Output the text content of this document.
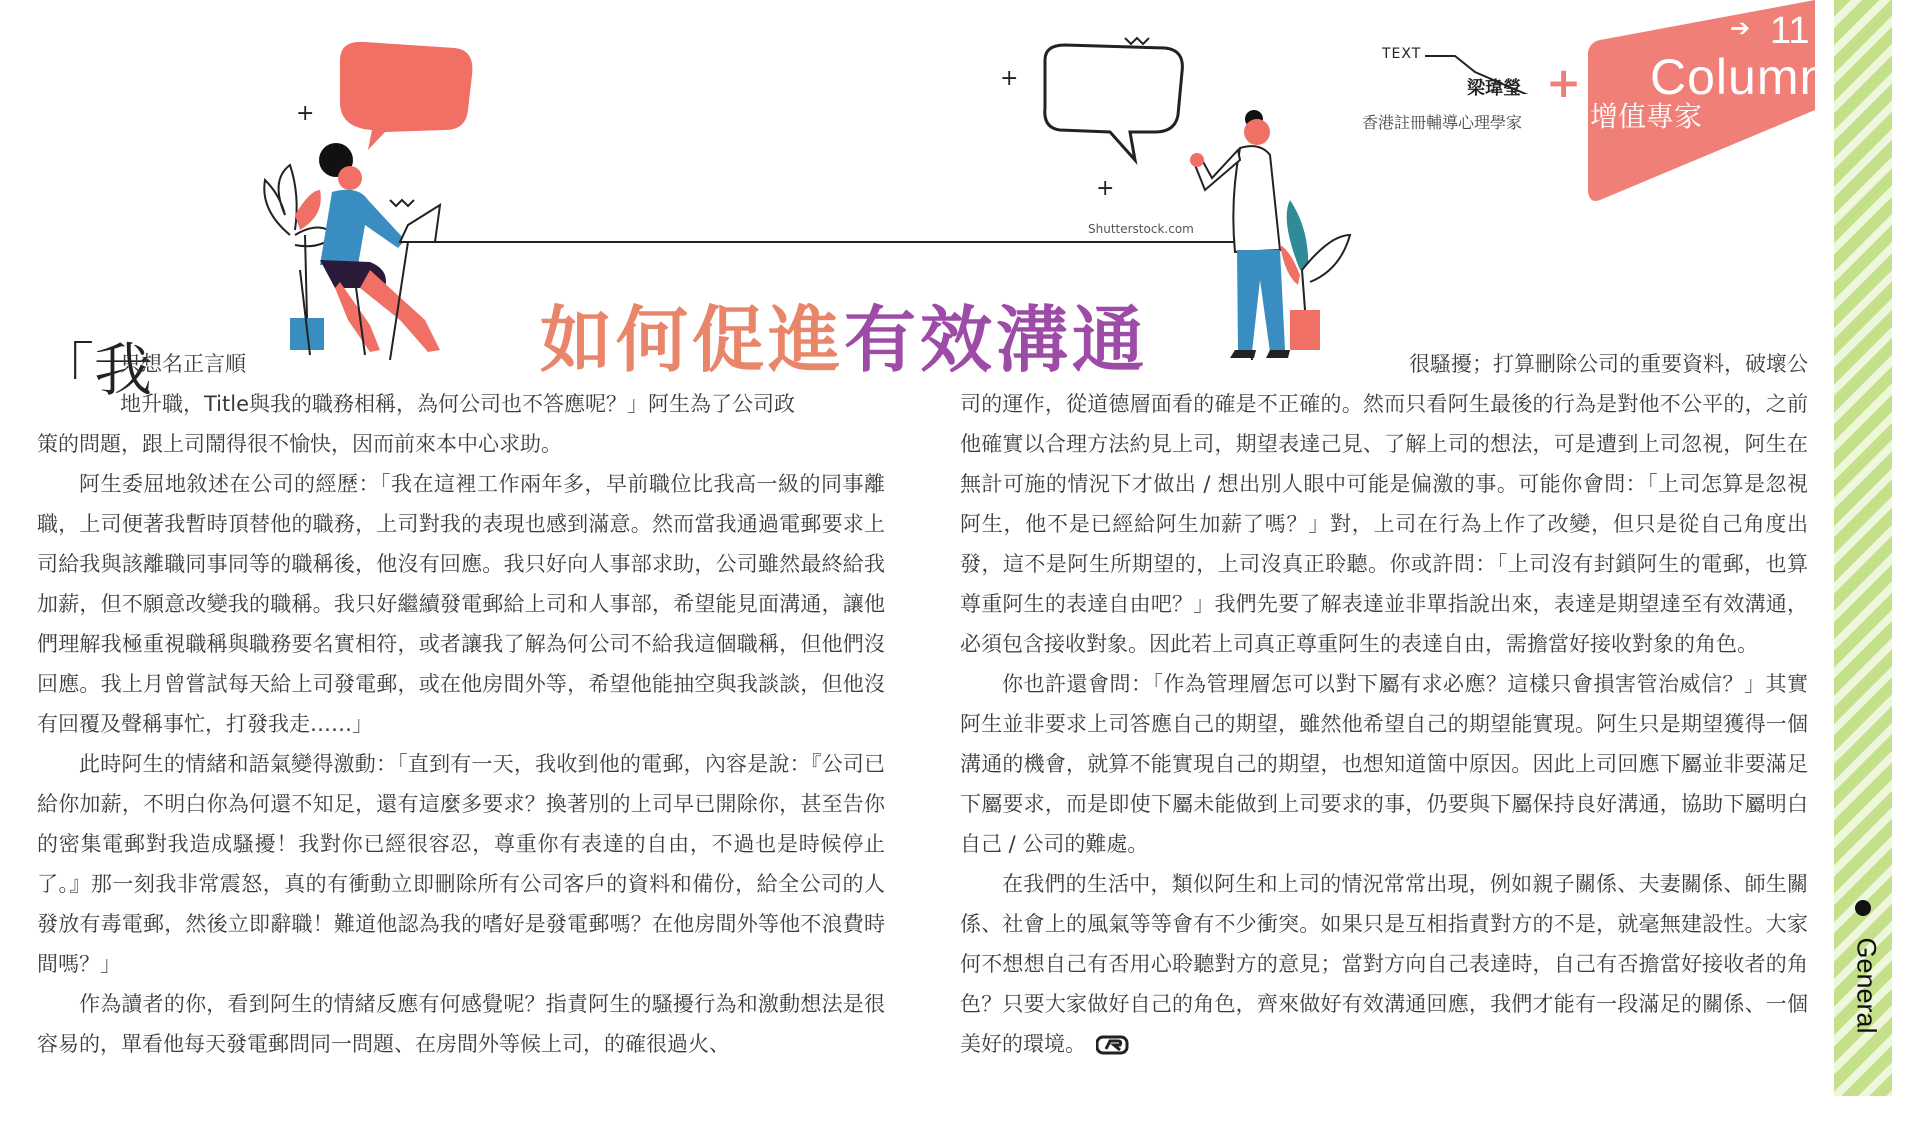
+
+
+
Shutterstock.com
➔ 11
Column
增值專家
+
TEXT
梁瑋瑩
香港註冊輔導心理學家
如何促進有效溝通
「我
只想名正言順
地升職，Title與我的職務相稱，為何公司也不答應呢？」阿生為了公司政
策的問題，跟上司鬧得很不愉快，因而前來本中心求助。

阿生委屈地敘述在公司的經歷：「我在這裡工作兩年多，早前職位比我高一級的同事離職，上司便著我暫時頂替他的職務，上司對我的表現也感到滿意。然而當我通過電郵要求上司給我與該離職同事同等的職稱後，他沒有回應。我只好向人事部求助，公司雖然最終給我加薪，但不願意改變我的職稱。我只好繼續發電郵給上司和人事部，希望能見面溝通，讓他們理解我極重視職稱與職務要名實相符，或者讓我了解為何公司不給我這個職稱，但他們沒回應。我上月曾嘗試每天給上司發電郵，或在他房間外等，希望他能抽空與我談談，但他沒有回覆及聲稱事忙，打發我走……」

此時阿生的情緒和語氣變得激動：「直到有一天，我收到他的電郵，內容是說：『公司已給你加薪，不明白你為何還不知足，還有這麼多要求？換著別的上司早已開除你，甚至告你的密集電郵對我造成騷擾！我對你已經很容忍，尊重你有表達的自由，不過也是時候停止了。』那一刻我非常震怒，真的有衝動立即刪除所有公司客戶的資料和備份，給全公司的人發放有毒電郵，然後立即辭職！難道他認為我的嗜好是發電郵嗎？在他房間外等他不浪費時間嗎？」

作為讀者的你，看到阿生的情緒反應有何感覺呢？指責阿生的騷擾行為和激動想法是很容易的，單看他每天發電郵問同一問題、在房間外等候上司，的確很過火、

很騷擾；打算刪除公司的重要資料，破壞公

司的運作，從道德層面看的確是不正確的。然而只看阿生最後的行為是對他不公平的，之前他確實以合理方法約見上司，期望表達己見、了解上司的想法，可是遭到上司忽視，阿生在無計可施的情況下才做出 / 想出別人眼中可能是偏激的事。可能你會問：「上司怎算是忽視阿生，他不是已經給阿生加薪了嗎？」對，上司在行為上作了改變，但只是從自己角度出發，這不是阿生所期望的，上司沒真正聆聽。你或許問：「上司沒有封鎖阿生的電郵，也算尊重阿生的表達自由吧？」我們先要了解表達並非單指說出來，表達是期望達至有效溝通，必須包含接收對象。因此若上司真正尊重阿生的表達自由，需擔當好接收對象的角色。

你也許還會問：「作為管理層怎可以對下屬有求必應？這樣只會損害管治威信？」其實阿生並非要求上司答應自己的期望，雖然他希望自己的期望能實現。阿生只是期望獲得一個溝通的機會，就算不能實現自己的期望，也想知道箇中原因。因此上司回應下屬並非要滿足下屬要求，而是即使下屬未能做到上司要求的事，仍要與下屬保持良好溝通，協助下屬明白自己 / 公司的難處。

在我們的生活中，類似阿生和上司的情況常常出現，例如親子關係、夫妻關係、師生關係、社會上的風氣等等會有不少衝突。如果只是互相指責對方的不是，就毫無建設性。大家何不想想自己有否用心聆聽對方的意見；當對方向自己表達時，自己有否擔當好接收者的角色？只要大家做好自己的角色，齊來做好有效溝通回應，我們才能有一段滿足的關係、一個美好的環境。

General
